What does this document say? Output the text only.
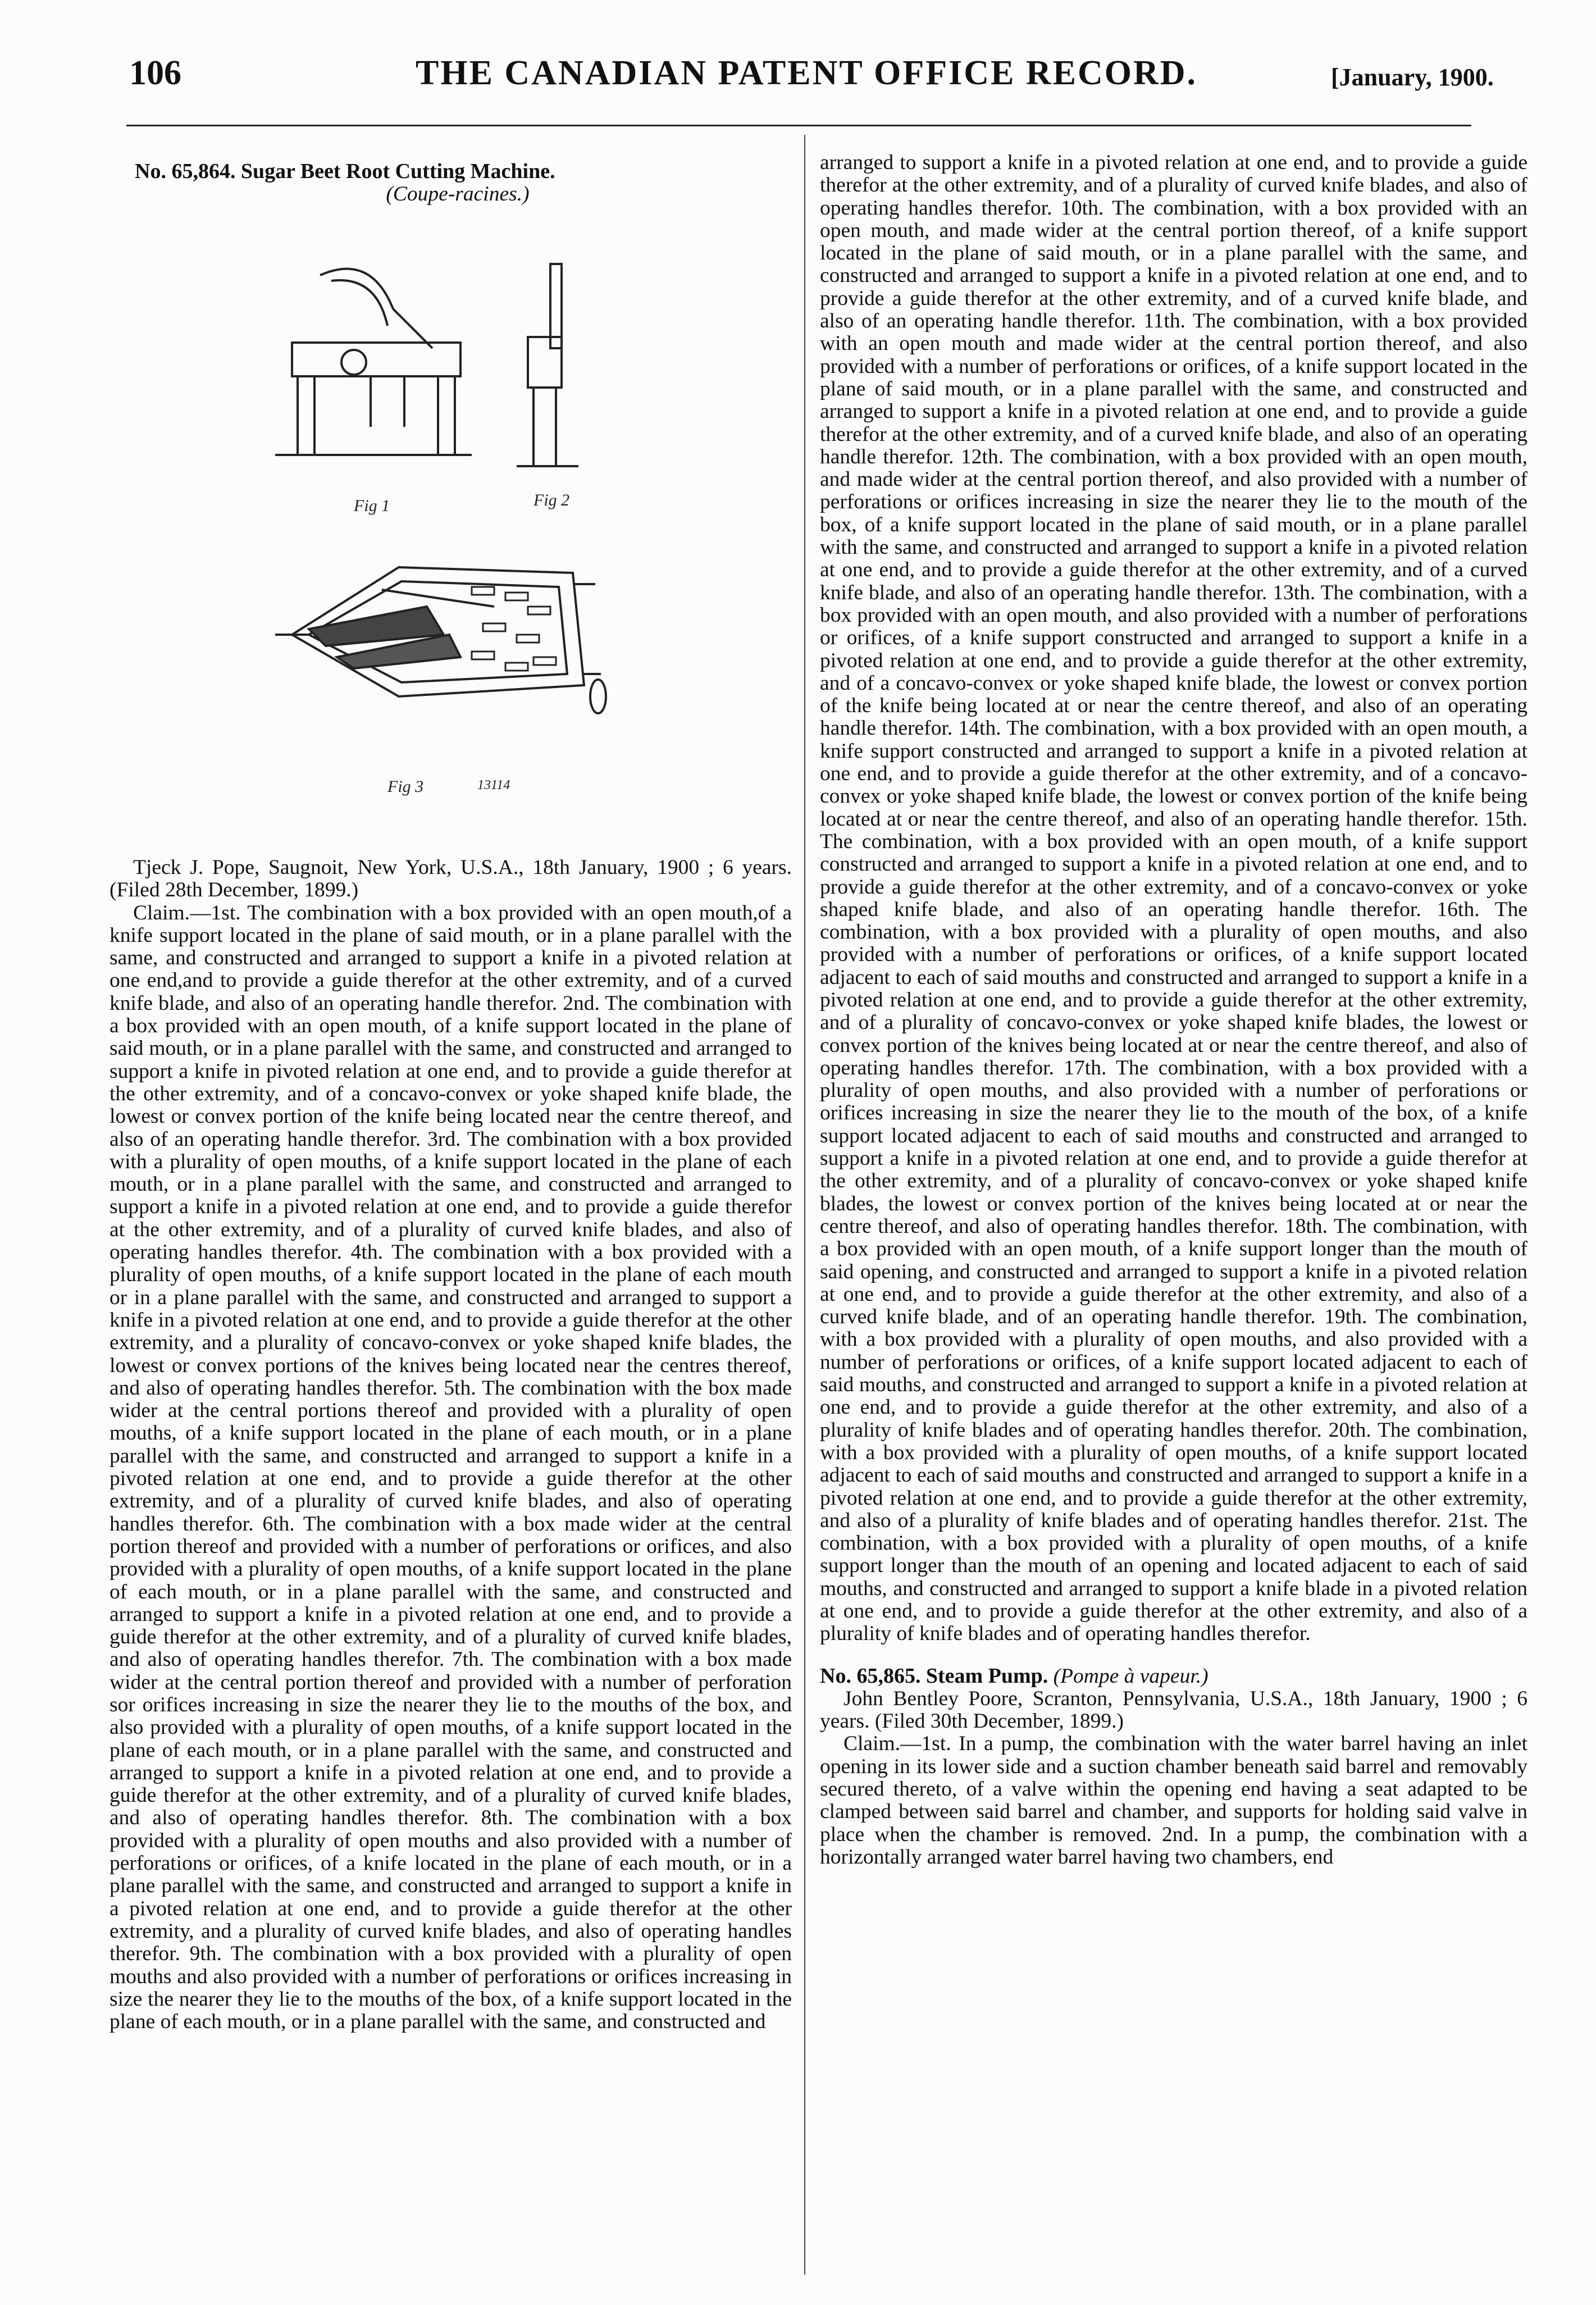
106	THE CANADIAN PATENT OFFICE RECORD.	[January, 1900.
No. 65,864. Sugar Beet Root Cutting Machine.
(Coupe-racines.)
Fig 1	Fig 2
Fig 3	13114

Tjeck J. Pope, Saugnoit, New York, U.S.A., 18th January, 1900 ; 6 years. (Filed 28th December, 1899.)

Claim.—1st. The combination with a box provided with an open mouth,of a knife support located in the plane of said mouth, or in a plane parallel with the same, and constructed and arranged to support a knife in a pivoted relation at one end,and to provide a guide therefor at the other extremity, and of a curved knife blade, and also of an operating handle therefor. 2nd. The combination with a box provided with an open mouth, of a knife support located in the plane of said mouth, or in a plane parallel with the same, and constructed and arranged to support a knife in pivoted relation at one end, and to provide a guide therefor at the other extremity, and of a concavo-convex or yoke shaped knife blade, the lowest or convex portion of the knife being located near the centre thereof, and also of an operating handle therefor. 3rd. The combination with a box provided with a plurality of open mouths, of a knife support located in the plane of each mouth, or in a plane parallel with the same, and constructed and arranged to support a knife in a pivoted relation at one end, and to provide a guide therefor at the other extremity, and of a plurality of curved knife blades, and also of operating handles therefor. 4th. The combination with a box provided with a plurality of open mouths, of a knife support located in the plane of each mouth or in a plane parallel with the same, and constructed and arranged to support a knife in a pivoted relation at one end, and to provide a guide therefor at the other extremity, and a plurality of concavo-convex or yoke shaped knife blades, the lowest or convex portions of the knives being located near the centres thereof, and also of operating handles therefor. 5th. The combination with the box made wider at the central portions thereof and provided with a plurality of open mouths, of a knife support located in the plane of each mouth, or in a plane parallel with the same, and constructed and arranged to support a knife in a pivoted relation at one end, and to provide a guide therefor at the other extremity, and of a plurality of curved knife blades, and also of operating handles therefor. 6th. The combination with a box made wider at the central portion thereof and provided with a number of perforations or orifices, and also provided with a plurality of open mouths, of a knife support located in the plane of each mouth, or in a plane parallel with the same, and constructed and arranged to support a knife in a pivoted relation at one end, and to provide a guide therefor at the other extremity, and of a plurality of curved knife blades, and also of operating handles therefor. 7th. The combination with a box made wider at the central portion thereof and provided with a number of perforation sor orifices increasing in size the nearer they lie to the mouths of the box, and also provided with a plurality of open mouths, of a knife support located in the plane of each mouth, or in a plane parallel with the same, and constructed and arranged to support a knife in a pivoted relation at one end, and to provide a guide therefor at the other extremity, and of a plurality of curved knife blades, and also of operating handles therefor. 8th. The combination with a box provided with a plurality of open mouths and also provided with a number of perforations or orifices, of a knife located in the plane of each mouth, or in a plane parallel with the same, and constructed and arranged to support a knife in a pivoted relation at one end, and to provide a guide therefor at the other extremity, and a plurality of curved knife blades, and also of operating handles therefor. 9th. The combination with a box provided with a plurality of open mouths and also provided with a number of perforations or orifices increasing in size the nearer they lie to the mouths of the box, of a knife support located in the plane of each mouth, or in a plane parallel with the same, and constructed and

arranged to support a knife in a pivoted relation at one end, and to provide a guide therefor at the other extremity, and of a plurality of curved knife blades, and also of operating handles therefor. 10th. The combination, with a box provided with an open mouth, and made wider at the central portion thereof, of a knife support located in the plane of said mouth, or in a plane parallel with the same, and constructed and arranged to support a knife in a pivoted relation at one end, and to provide a guide therefor at the other extremity, and of a curved knife blade, and also of an operating handle therefor. 11th. The combination, with a box provided with an open mouth and made wider at the central portion thereof, and also provided with a number of perforations or orifices, of a knife support located in the plane of said mouth, or in a plane parallel with the same, and constructed and arranged to support a knife in a pivoted relation at one end, and to provide a guide therefor at the other extremity, and of a curved knife blade, and also of an operating handle therefor. 12th. The combination, with a box provided with an open mouth, and made wider at the central portion thereof, and also provided with a number of perforations or orifices increasing in size the nearer they lie to the mouth of the box, of a knife support located in the plane of said mouth, or in a plane parallel with the same, and constructed and arranged to support a knife in a pivoted relation at one end, and to provide a guide therefor at the other extremity, and of a curved knife blade, and also of an operating handle therefor. 13th. The combination, with a box provided with an open mouth, and also provided with a number of perforations or orifices, of a knife support constructed and arranged to support a knife in a pivoted relation at one end, and to provide a guide therefor at the other extremity, and of a concavo-convex or yoke shaped knife blade, the lowest or convex portion of the knife being located at or near the centre thereof, and also of an operating handle therefor. 14th. The combination, with a box provided with an open mouth, a knife support constructed and arranged to support a knife in a pivoted relation at one end, and to provide a guide therefor at the other extremity, and of a concavo-convex or yoke shaped knife blade, the lowest or convex portion of the knife being located at or near the centre thereof, and also of an operating handle therefor. 15th. The combination, with a box provided with an open mouth, of a knife support constructed and arranged to support a knife in a pivoted relation at one end, and to provide a guide therefor at the other extremity, and of a concavo-convex or yoke shaped knife blade, and also of an operating handle therefor. 16th. The combination, with a box provided with a plurality of open mouths, and also provided with a number of perforations or orifices, of a knife support located adjacent to each of said mouths and constructed and arranged to support a knife in a pivoted relation at one end, and to provide a guide therefor at the other extremity, and of a plurality of concavo-convex or yoke shaped knife blades, the lowest or convex portion of the knives being located at or near the centre thereof, and also of operating handles therefor. 17th. The combination, with a box provided with a plurality of open mouths, and also provided with a number of perforations or orifices increasing in size the nearer they lie to the mouth of the box, of a knife support located adjacent to each of said mouths and constructed and arranged to support a knife in a pivoted relation at one end, and to provide a guide therefor at the other extremity, and of a plurality of concavo-convex or yoke shaped knife blades, the lowest or convex portion of the knives being located at or near the centre thereof, and also of operating handles therefor. 18th. The combination, with a box provided with an open mouth, of a knife support longer than the mouth of said opening, and constructed and arranged to support a knife in a pivoted relation at one end, and to provide a guide therefor at the other extremity, and also of a curved knife blade, and of an operating handle therefor. 19th. The combination, with a box provided with a plurality of open mouths, and also provided with a number of perforations or orifices, of a knife support located adjacent to each of said mouths, and constructed and arranged to support a knife in a pivoted relation at one end, and to provide a guide therefor at the other extremity, and also of a plurality of knife blades and of operating handles therefor. 20th. The combination, with a box provided with a plurality of open mouths, of a knife support located adjacent to each of said mouths and constructed and arranged to support a knife in a pivoted relation at one end, and to provide a guide therefor at the other extremity, and also of a plurality of knife blades and of operating handles therefor. 21st. The combination, with a box provided with a plurality of open mouths, of a knife support longer than the mouth of an opening and located adjacent to each of said mouths, and constructed and arranged to support a knife blade in a pivoted relation at one end, and to provide a guide therefor at the other extremity, and also of a plurality of knife blades and of operating handles therefor.

No. 65,865. Steam Pump. (Pompe à vapeur.)

John Bentley Poore, Scranton, Pennsylvania, U.S.A., 18th January, 1900 ; 6 years. (Filed 30th December, 1899.)

Claim.—1st. In a pump, the combination with the water barrel having an inlet opening in its lower side and a suction chamber beneath said barrel and removably secured thereto, of a valve within the opening end having a seat adapted to be clamped between said barrel and chamber, and supports for holding said valve in place when the chamber is removed. 2nd. In a pump, the combination with a horizontally arranged water barrel having two chambers, end
